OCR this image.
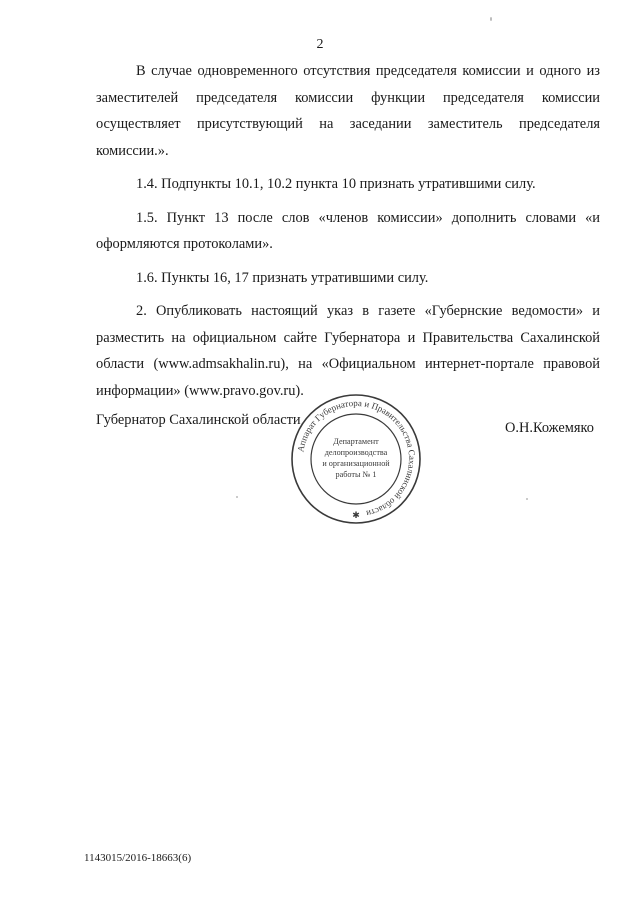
2

В случае одновременного отсутствия председателя комиссии и одного из заместителей председателя комиссии функции председателя комиссии осуществляет присутствующий на заседании заместитель председателя комиссии.».

1.4. Подпункты 10.1, 10.2 пункта 10 признать утратившими силу.

1.5. Пункт 13 после слов «членов комиссии» дополнить словами «и оформляются протоколами».

1.6. Пункты 16, 17 признать утратившими силу.

2. Опубликовать настоящий указ в газете «Губернские ведомости» и разместить на официальном сайте Губернатора и Правительства Сахалинской области (www.admsakhalin.ru), на «Официальном интернет-портале правовой информации» (www.pravo.gov.ru).

Губернатор Сахалинской области	О.Н.Кожемяко
Аппарат Губернатора и Правительства Сахалинской области
✱
Департамент
делопроизводства
и организационной
работы № 1
1143015/2016-18663(6)
